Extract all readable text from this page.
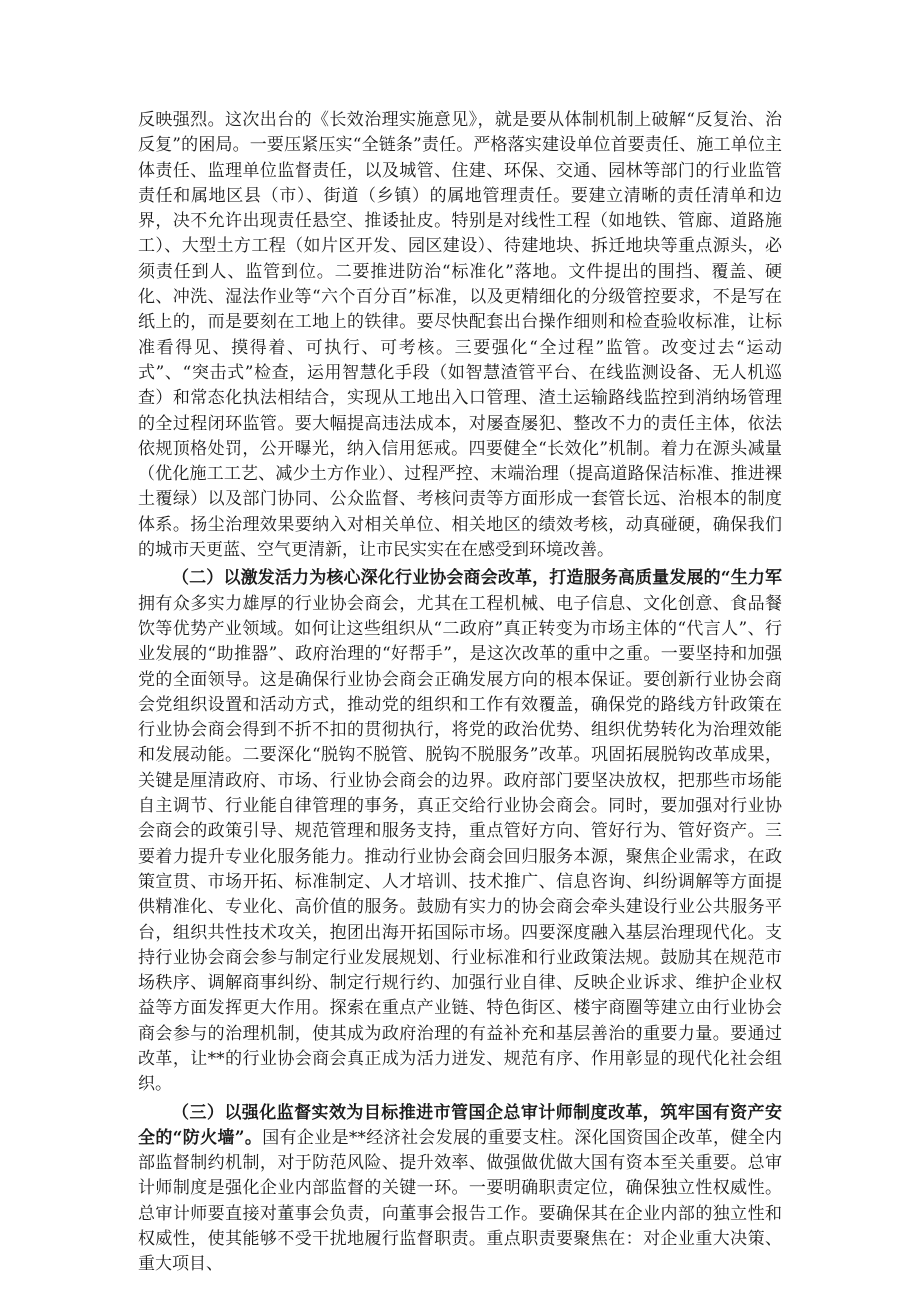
反映强烈。这次出台的《长效治理实施意见》，就是要从体制机制上破解“反复治、治反复”的困局。一要压紧压实“全链条”责任。严格落实建设单位首要责任、施工单位主体责任、监理单位监督责任，以及城管、住建、环保、交通、园林等部门的行业监管责任和属地区县（市）、街道（乡镇）的属地管理责任。要建立清晰的责任清单和边界，决不允许出现责任悬空、推诿扯皮。特别是对线性工程（如地铁、管廊、道路施工）、大型土方工程（如片区开发、园区建设）、待建地块、拆迁地块等重点源头，必须责任到人、监管到位。二要推进防治“标准化”落地。文件提出的围挡、覆盖、硬化、冲洗、湿法作业等“六个百分百”标准，以及更精细化的分级管控要求，不是写在纸上的，而是要刻在工地上的铁律。要尽快配套出台操作细则和检查验收标准，让标准看得见、摸得着、可执行、可考核。三要强化“全过程”监管。改变过去“运动式”、“突击式”检查，运用智慧化手段（如智慧渣管平台、在线监测设备、无人机巡查）和常态化执法相结合，实现从工地出入口管理、渣土运输路线监控到消纳场管理的全过程闭环监管。要大幅提高违法成本，对屡查屡犯、整改不力的责任主体，依法依规顶格处罚，公开曝光，纳入信用惩戒。四要健全“长效化”机制。着力在源头减量（优化施工工艺、减少土方作业）、过程严控、末端治理（提高道路保洁标准、推进裸土覆绿）以及部门协同、公众监督、考核问责等方面形成一套管长远、治根本的制度体系。扬尘治理效果要纳入对相关单位、相关地区的绩效考核，动真碰硬，确保我们的城市天更蓝、空气更清新，让市民实实在在感受到环境改善。

（二）以激发活力为核心深化行业协会商会改革，打造服务高质量发展的“生力军拥有众多实力雄厚的行业协会商会，尤其在工程机械、电子信息、文化创意、食品餐饮等优势产业领域。如何让这些组织从“二政府”真正转变为市场主体的“代言人”、行业发展的“助推器”、政府治理的“好帮手”，是这次改革的重中之重。一要坚持和加强党的全面领导。这是确保行业协会商会正确发展方向的根本保证。要创新行业协会商会党组织设置和活动方式，推动党的组织和工作有效覆盖，确保党的路线方针政策在行业协会商会得到不折不扣的贯彻执行，将党的政治优势、组织优势转化为治理效能和发展动能。二要深化“脱钩不脱管、脱钩不脱服务”改革。巩固拓展脱钩改革成果，关键是厘清政府、市场、行业协会商会的边界。政府部门要坚决放权，把那些市场能自主调节、行业能自律管理的事务，真正交给行业协会商会。同时，要加强对行业协会商会的政策引导、规范管理和服务支持，重点管好方向、管好行为、管好资产。三要着力提升专业化服务能力。推动行业协会商会回归服务本源，聚焦企业需求，在政策宣贯、市场开拓、标准制定、人才培训、技术推广、信息咨询、纠纷调解等方面提供精准化、专业化、高价值的服务。鼓励有实力的协会商会牵头建设行业公共服务平台，组织共性技术攻关，抱团出海开拓国际市场。四要深度融入基层治理现代化。支持行业协会商会参与制定行业发展规划、行业标准和行业政策法规。鼓励其在规范市场秩序、调解商事纠纷、制定行规行约、加强行业自律、反映企业诉求、维护企业权益等方面发挥更大作用。探索在重点产业链、特色街区、楼宇商圈等建立由行业协会商会参与的治理机制，使其成为政府治理的有益补充和基层善治的重要力量。要通过改革，让**的行业协会商会真正成为活力迸发、规范有序、作用彰显的现代化社会组织。

（三）以强化监督实效为目标推进市管国企总审计师制度改革，筑牢国有资产安全的“防火墙”。国有企业是**经济社会发展的重要支柱。深化国资国企改革，健全内部监督制约机制，对于防范风险、提升效率、做强做优做大国有资本至关重要。总审计师制度是强化企业内部监督的关键一环。一要明确职责定位，确保独立性权威性。总审计师要直接对董事会负责，向董事会报告工作。要确保其在企业内部的独立性和权威性，使其能够不受干扰地履行监督职责。重点职责要聚焦在：对企业重大决策、重大项目、
